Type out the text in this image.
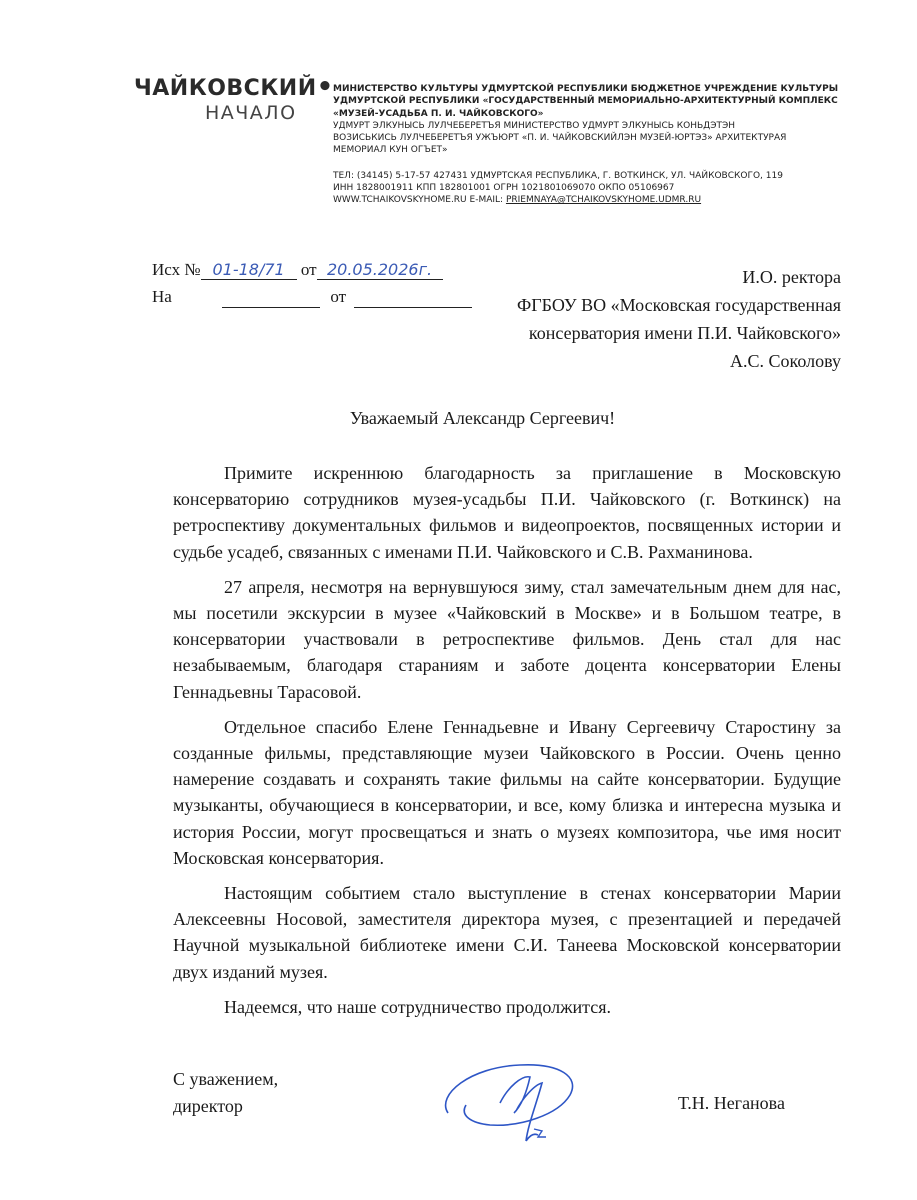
ЧАЙКОВСКИЙ•
НАЧАЛО
МИНИСТЕРСТВО КУЛЬТУРЫ УДМУРТСКОЙ РЕСПУБЛИКИ БЮДЖЕТНОЕ УЧРЕЖДЕНИЕ КУЛЬТУРЫ
УДМУРТСКОЙ РЕСПУБЛИКИ «ГОСУДАРСТВЕННЫЙ МЕМОРИАЛЬНО-АРХИТЕКТУРНЫЙ КОМПЛЕКС
«МУЗЕЙ-УСАДЬБА П. И. ЧАЙКОВСКОГО»
УДМУРТ ЭЛКУНЫСЬ ЛУЛЧЕБЕРЕТЪЯ МИНИСТЕРСТВО УДМУРТ ЭЛКУНЫСЬ КОНЬДЭТЭН
ВОЗИСЬКИСЬ ЛУЛЧЕБЕРЕТЪЯ УЖЪЮРТ «П. И. ЧАЙКОВСКИЙЛЭН МУЗЕЙ-ЮРТЭЗ» АРХИТЕКТУРАЯ
МЕМОРИАЛ КУН ОГЪЕТ»
ТЕЛ: (34145) 5-17-57 427431 УДМУРТСКАЯ РЕСПУБЛИКА, Г. ВОТКИНСК, УЛ. ЧАЙКОВСКОГО, 119
ИНН 1828001911 КПП 182801001 ОГРН 1021801069070 ОКПО 05106967
WWW.TCHAIKOVSKYHOME.RU E-MAIL: PRIEMNAYA@TCHAIKOVSKYHOME.UDMR.RU
Исх № 01-18/71 от 20.05.2026г.
На	от
И.О. ректора
ФГБОУ ВО «Московская государственная
консерватория имени П.И. Чайковского»
А.С. Соколову
Уважаемый Александр Сергеевич!

Примите искреннюю благодарность за приглашение в Московскую консерваторию сотрудников музея-усадьбы П.И. Чайковского (г. Воткинск) на ретроспективу документальных фильмов и видеопроектов, посвященных истории и судьбе усадеб, связанных с именами П.И. Чайковского и С.В. Рахманинова.

27 апреля, несмотря на вернувшуюся зиму, стал замечательным днем для нас, мы посетили экскурсии в музее «Чайковский в Москве» и в Большом театре, в консерватории участвовали в ретроспективе фильмов. День стал для нас незабываемым, благодаря стараниям и заботе доцента консерватории Елены Геннадьевны Тарасовой.

Отдельное спасибо Елене Геннадьевне и Ивану Сергеевичу Старостину за созданные фильмы, представляющие музеи Чайковского в России. Очень ценно намерение создавать и сохранять такие фильмы на сайте консерватории. Будущие музыканты, обучающиеся в консерватории, и все, кому близка и интересна музыка и история России, могут просвещаться и знать о музеях композитора, чье имя носит Московская консерватория.

Настоящим событием стало выступление в стенах консерватории Марии Алексеевны Носовой, заместителя директора музея, с презентацией и передачей Научной музыкальной библиотеке имени С.И. Танеева Московской консерватории двух изданий музея.

Надеемся, что наше сотрудничество продолжится.

С уважением,
директор	Т.Н. Неганова
